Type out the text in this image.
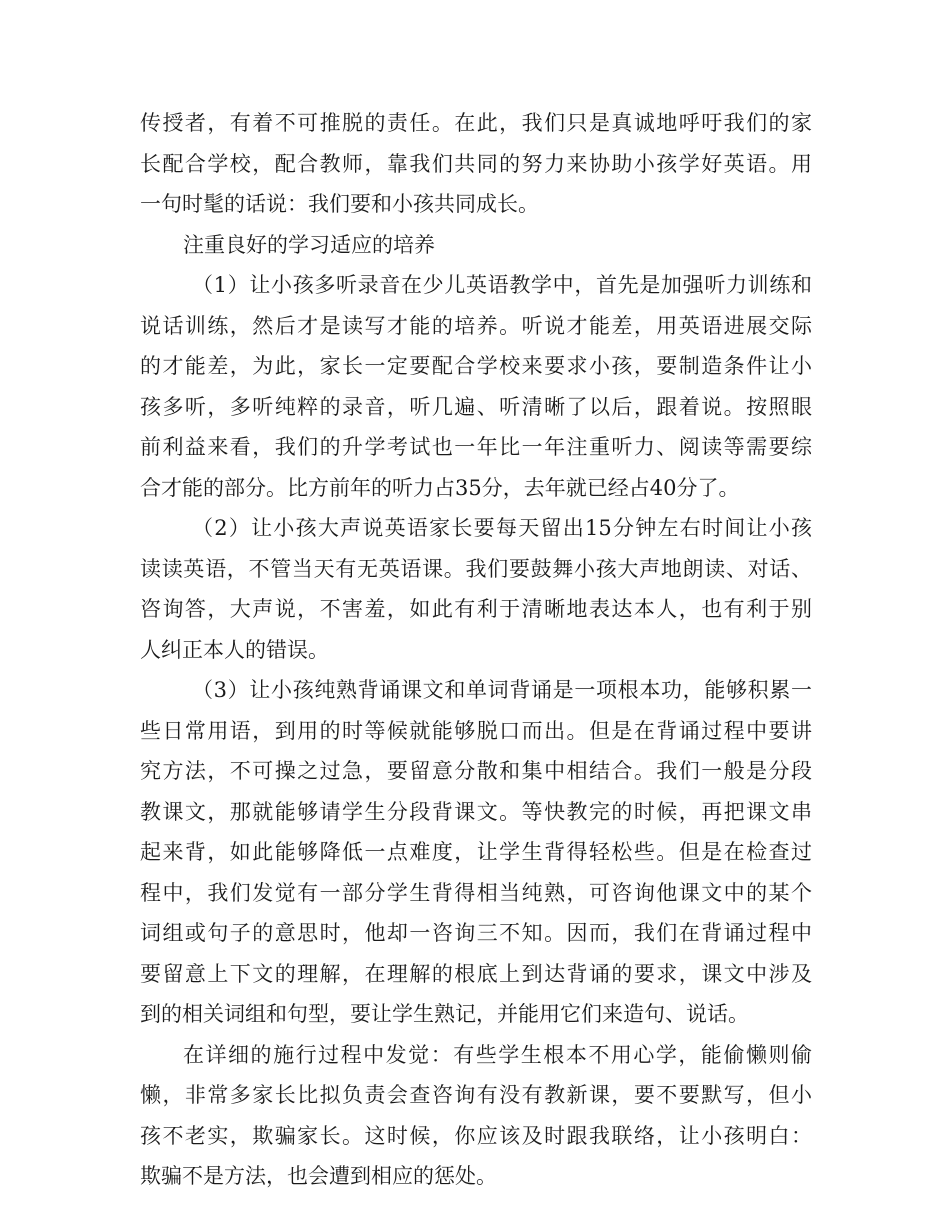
传授者，有着不可推脱的责任。在此，我们只是真诚地呼吁我们的家
长配合学校，配合教师，靠我们共同的努力来协助小孩学好英语。用
一句时髦的话说：我们要和小孩共同成长。
注重良好的学习适应的培养
（1）让小孩多听录音在少儿英语教学中，首先是加强听力训练和
说话训练，然后才是读写才能的培养。听说才能差，用英语进展交际
的才能差，为此，家长一定要配合学校来要求小孩，要制造条件让小
孩多听，多听纯粹的录音，听几遍、听清晰了以后，跟着说。按照眼
前利益来看，我们的升学考试也一年比一年注重听力、阅读等需要综
合才能的部分。比方前年的听力占35分，去年就已经占40分了。
（2）让小孩大声说英语家长要每天留出15分钟左右时间让小孩
读读英语，不管当天有无英语课。我们要鼓舞小孩大声地朗读、对话、
咨询答，大声说，不害羞，如此有利于清晰地表达本人，也有利于别
人纠正本人的错误。
（3）让小孩纯熟背诵课文和单词背诵是一项根本功，能够积累一
些日常用语，到用的时等候就能够脱口而出。但是在背诵过程中要讲
究方法，不可操之过急，要留意分散和集中相结合。我们一般是分段
教课文，那就能够请学生分段背课文。等快教完的时候，再把课文串
起来背，如此能够降低一点难度，让学生背得轻松些。但是在检查过
程中，我们发觉有一部分学生背得相当纯熟，可咨询他课文中的某个
词组或句子的意思时，他却一咨询三不知。因而，我们在背诵过程中
要留意上下文的理解，在理解的根底上到达背诵的要求，课文中涉及
到的相关词组和句型，要让学生熟记，并能用它们来造句、说话。
在详细的施行过程中发觉：有些学生根本不用心学，能偷懒则偷
懒，非常多家长比拟负责会查咨询有没有教新课，要不要默写，但小
孩不老实，欺骗家长。这时候，你应该及时跟我联络，让小孩明白：
欺骗不是方法，也会遭到相应的惩处。
